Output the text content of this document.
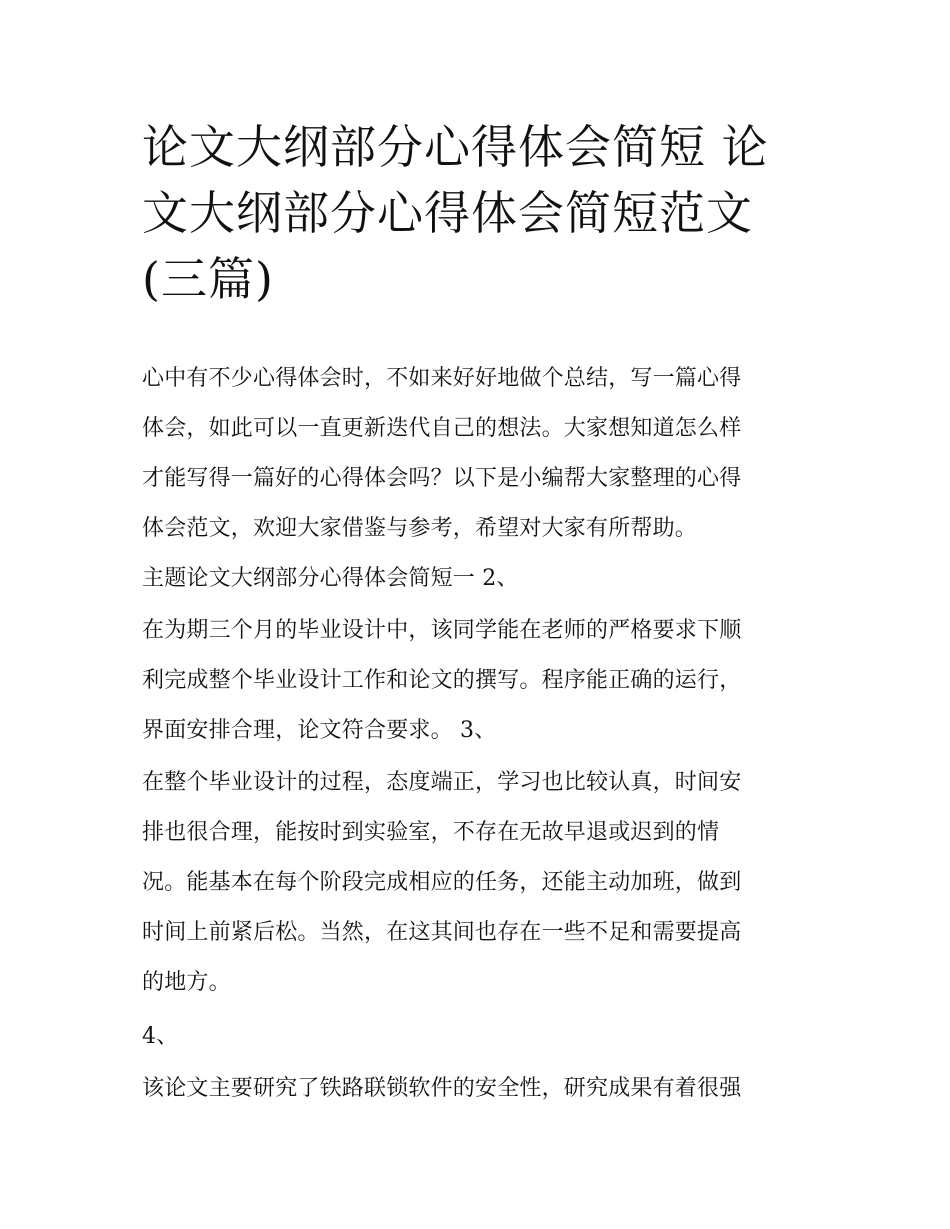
论文大纲部分心得体会简短 论
文大纲部分心得体会简短范文
(三篇)

心中有不少心得体会时，不如来好好地做个总结，写一篇心得

体会，如此可以一直更新迭代自己的想法。大家想知道怎么样

才能写得一篇好的心得体会吗？以下是小编帮大家整理的心得

体会范文，欢迎大家借鉴与参考，希望对大家有所帮助。

主题论文大纲部分心得体会简短一 2、

在为期三个月的毕业设计中，该同学能在老师的严格要求下顺

利完成整个毕业设计工作和论文的撰写。程序能正确的运行，

界面安排合理，论文符合要求。 3、

在整个毕业设计的过程，态度端正，学习也比较认真，时间安

排也很合理，能按时到实验室，不存在无故早退或迟到的情

况。能基本在每个阶段完成相应的任务，还能主动加班，做到

时间上前紧后松。当然，在这其间也存在一些不足和需要提高

的地方。

4、

该论文主要研究了铁路联锁软件的安全性，研究成果有着很强
